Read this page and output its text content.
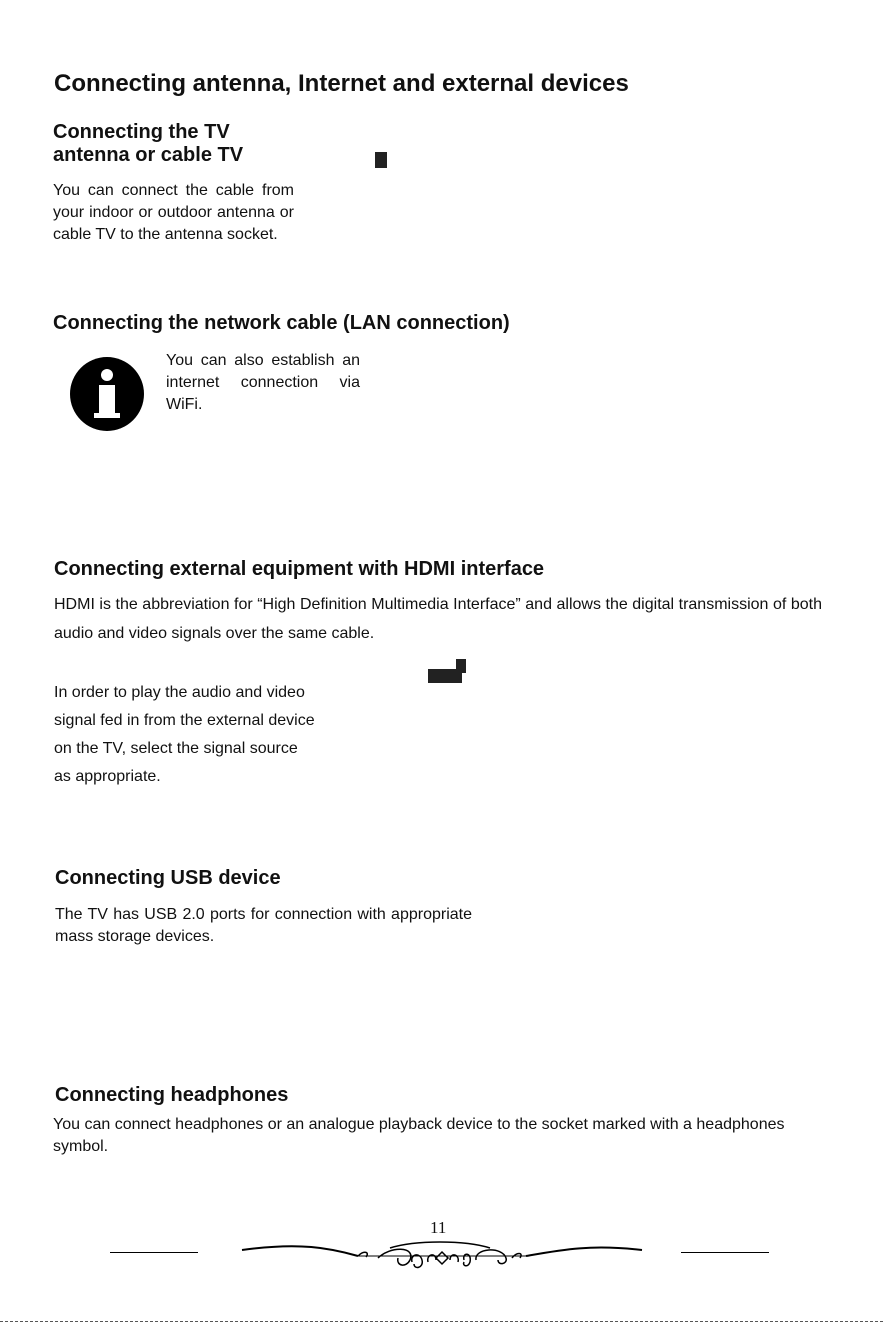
Connecting antenna, Internet and external devices
Connecting the TV
antenna or cable TV
You can connect the cable from your indoor or outdoor antenna or cable TV to the antenna socket.
Connecting the network cable (LAN connection)
You can also establish an internet connection via WiFi.
Connecting external equipment with HDMI interface
HDMI is the abbreviation for “High Definition Multimedia Interface” and allows the digital transmission of both audio and video signals over the same cable.
In order to play the audio and video
signal fed in from the external device
on the TV, select the signal source
as appropriate.
Connecting USB device
The TV has USB 2.0 ports for connection with appropriate mass storage devices.
Connecting headphones
You can connect headphones or an analogue playback device to the socket marked with a headphones symbol.
11
